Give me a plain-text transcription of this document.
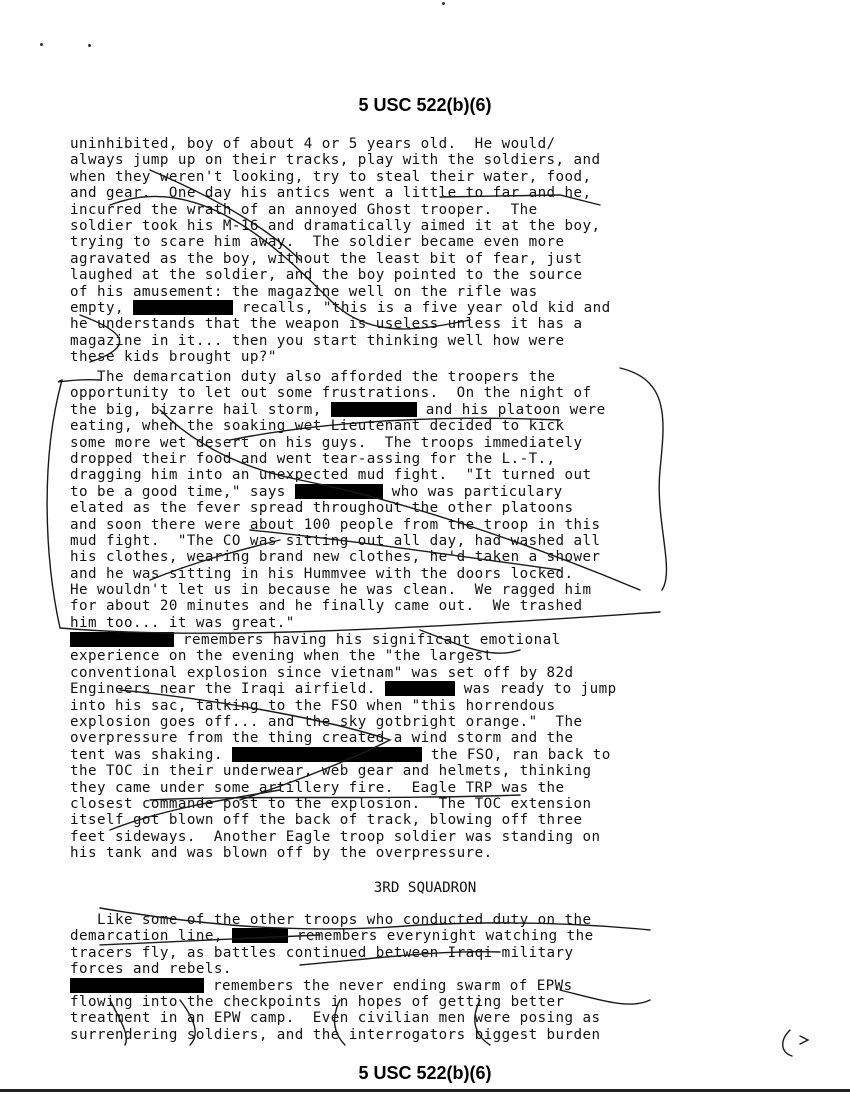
5 USC 522(b)(6)
uninhibited, boy of about 4 or 5 years old.  He would/
always jump up on their tracks, play with the soldiers, and
when they weren't looking, try to steal their water, food,
and gear.  One day his antics went a little to far and he,
incurred the wrath of an annoyed Ghost trooper.  The
soldier took his M-16 and dramatically aimed it at the boy,
trying to scare him away.  The soldier became even more
agravated as the boy, without the least bit of fear, just
laughed at the soldier, and the boy pointed to the source
of his amusement: the magazine well on the rifle was
empty,	recalls, "this is a five year old kid and
he understands that the weapon is useless unless it has a
magazine in it... then you start thinking well how were
these kids brought up?"
The demarcation duty also afforded the troopers the
opportunity to let out some frustrations.  On the night of
the big, bizarre hail storm,	and his platoon were
eating, when the soaking wet Lieutenant decided to kick
some more wet desert on his guys.  The troops immediately
dropped their food and went tear-assing for the L.-T.,
dragging him into an unexpected mud fight.  "It turned out
to be a good time," says	who was particulary
elated as the fever spread throughout the other platoons
and soon there were about 100 people from the troop in this
mud fight.  "The CO was sitting out all day, had washed all
his clothes, wearing brand new clothes, he'd taken a shower
and he was sitting in his Hummvee with the doors locked.
He wouldn't let us in because he was clean.  We ragged him
for about 20 minutes and he finally came out.  We trashed
him too... it was great."
remembers having his significant emotional
experience on the evening when the "the largest
conventional explosion since vietnam" was set off by 82d
Engineers near the Iraqi airfield.	was ready to jump
into his sac, talking to the FSO when "this horrendous
explosion goes off... and the sky gotbright orange."  The
overpressure from the thing created a wind storm and the
tent was shaking.	the FSO, ran back to
the TOC in their underwear, web gear and helmets, thinking
they came under some artillery fire.  Eagle TRP was the
closest commande post to the explosion.  The TOC extension
itself got blown off the back of track, blowing off three
feet sideways.  Another Eagle troop soldier was standing on
his tank and was blown off by the overpressure.
3RD SQUADRON
Like some of the other troops who conducted duty on the
demarcation line,	remembers everynight watching the
tracers fly, as battles continued between Iraqi military
forces and rebels.
remembers the never ending swarm of EPWs
flowing into the checkpoints in hopes of getting better
treatment in an EPW camp.  Even civilian men were posing as
surrendering soldiers, and the interrogators biggest burden
5 USC 522(b)(6)
